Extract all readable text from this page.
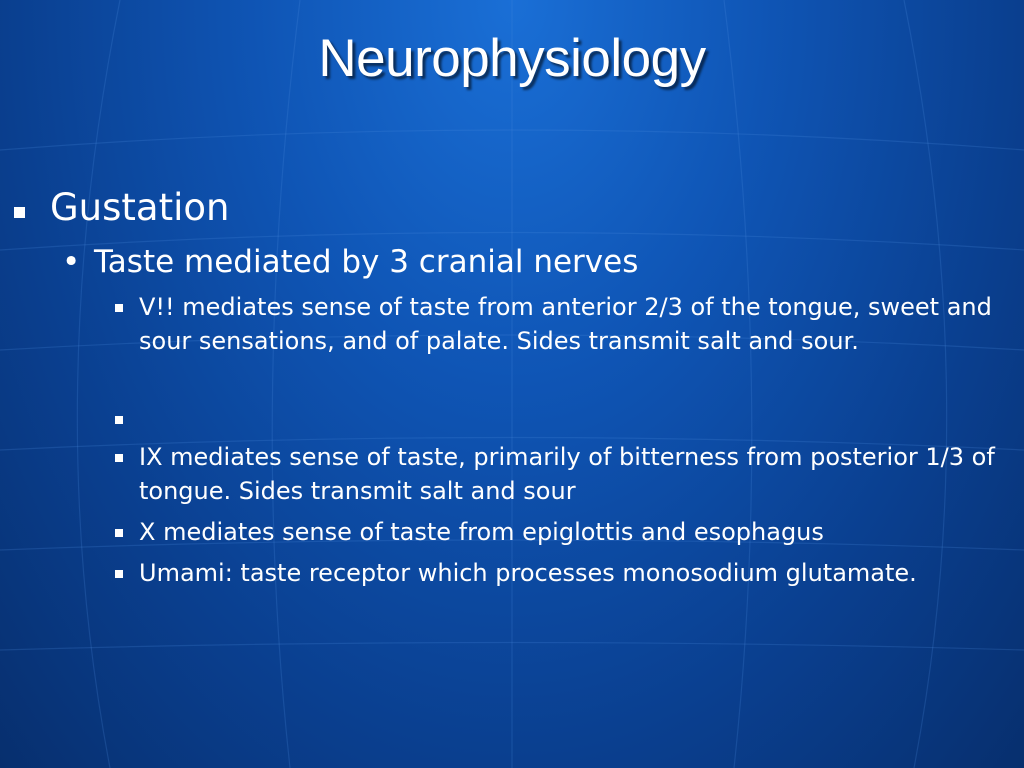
Neurophysiology
Gustation
• Taste mediated by 3 cranial nerves
V!! mediates sense of taste from anterior 2/3 of the tongue, sweet and sour sensations, and of palate. Sides transmit salt and sour.
IX mediates sense of taste, primarily of bitterness from posterior 1/3 of tongue. Sides transmit salt and sour
X mediates sense of taste from epiglottis and esophagus
Umami: taste receptor which processes monosodium glutamate.
